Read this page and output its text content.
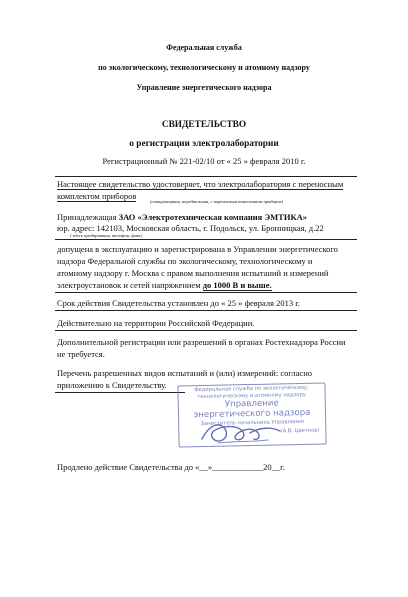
Федеральная служба
по экологическому, технологическому и атомному надзору
Управление энергетического надзора
СВИДЕТЕЛЬСТВО
о регистрации электролаборатории
Регистрационный № 221-02/10 от « 25 » февраля 2010 г.
Настоящее свидетельство удостоверяет, что электролаборатория с переносным
комплектом приборов
(стационарная, передвижная, с переносным комплектом приборов)
Принадлежащая ЗАО «Электротехническая компания ЭМТИКА»
юр. адрес: 142103, Московская область, г. Подольск, ул. Бронницкая, д.22
( здесь предприятия, телефон, факс)
допущена в эксплуатацию и зарегистрирована в Управлении энергетического
надзора Федеральной службы по экологическому, технологическому и
атомному надзору г. Москва с правом выполнения испытаний и измерений
электроустановок и сетей напряжением до 1000 В и выше.
Срок действия Свидетельства установлен до « 25 » февраля 2013 г.
Действительно на территории Российской Федерации.
Дополнительной регистрации или разрешений в органах Ростехнадзора России
не требуется.
Перечень разрешенных видов испытаний и (или) измерений: согласно
приложению к Свидетельству.	Федеральная служба по экологическому,
технологическому и атомному надзору
Управление
энергетического надзора
Заместитель начальника Управления
(А.В. Цветков)
Продлено действие Свидетельства до «__»____________20__г.
